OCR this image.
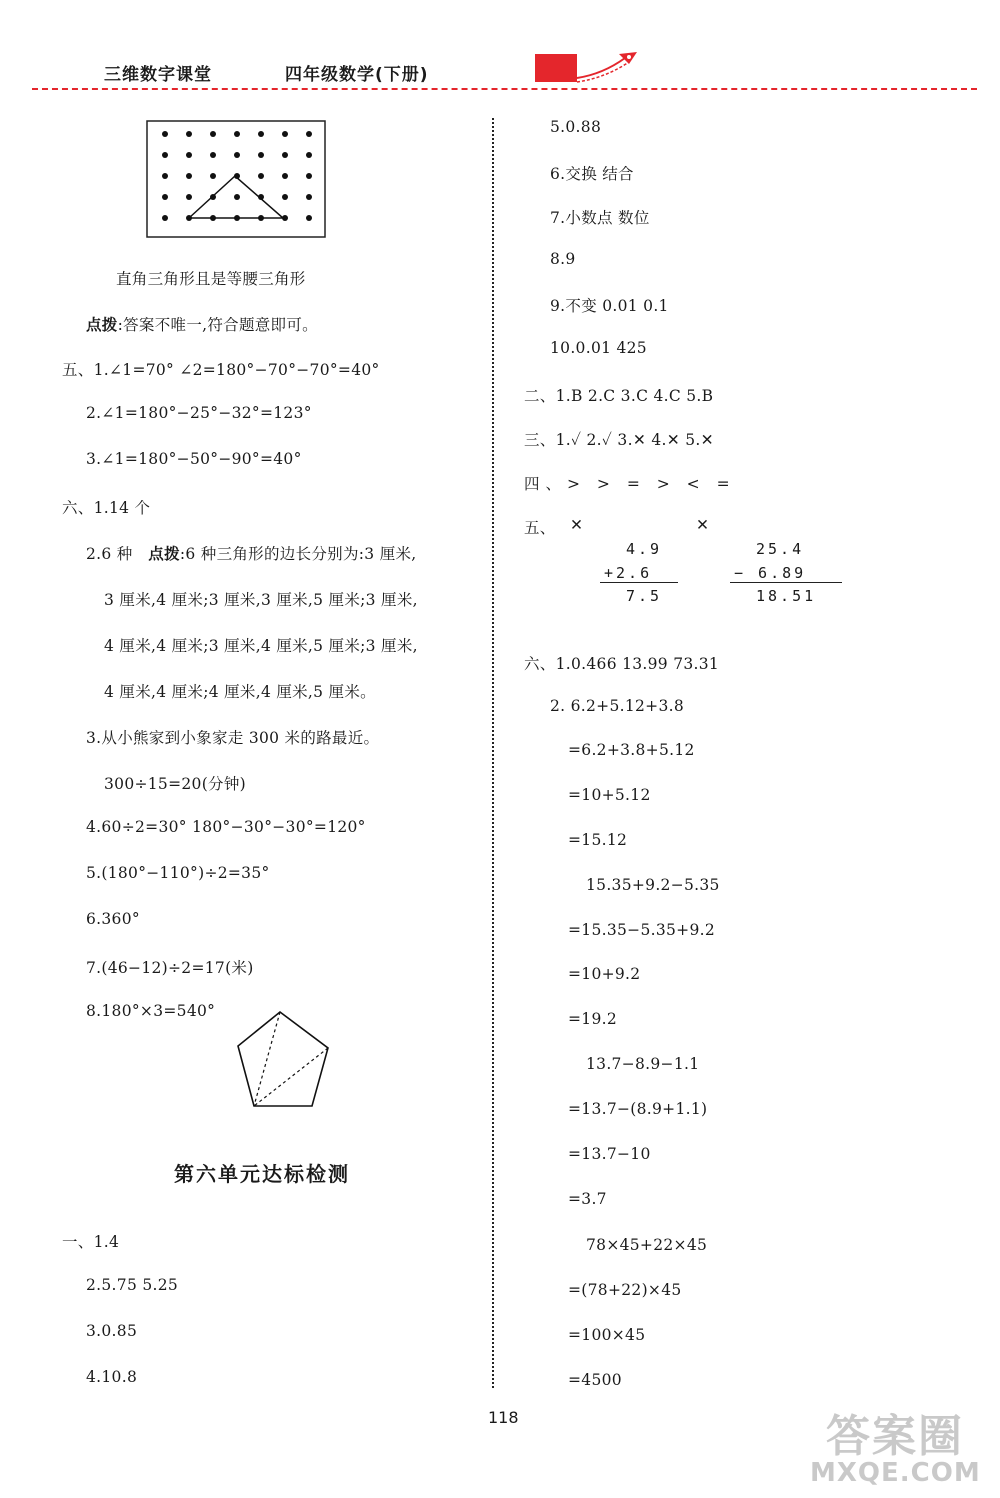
三维数字课堂	四年级数学(下册)
直角三角形且是等腰三角形
点拨:答案不唯一,符合题意即可。
五、1.∠1=70° ∠2=180°−70°−70°=40°
2.∠1=180°−25°−32°=123°
3.∠1=180°−50°−90°=40°
六、1.14 个
2.6 种 点拨:6 种三角形的边长分别为:3 厘米,
3 厘米,4 厘米;3 厘米,3 厘米,5 厘米;3 厘米,
4 厘米,4 厘米;3 厘米,4 厘米,5 厘米;3 厘米,
4 厘米,4 厘米;4 厘米,4 厘米,5 厘米。
3.从小熊家到小象家走 300 米的路最近。
300÷15=20(分钟)
4.60÷2=30° 180°−30°−30°=120°
5.(180°−110°)÷2=35°
6.360°
7.(46−12)÷2=17(米)
8.180°×3=540°
第六单元达标检测
一、1.4
2.5.75 5.25
3.0.85
4.10.8
5.0.88
6.交换 结合
7.小数点 数位
8.9
9.不变 0.01 0.1
10.0.01 425
二、1.B 2.C 3.C 4.C 5.B
三、1.✓ 2.✓ 3.✕ 4.✕ 5.✕
四、> > = > < =
五、 ✕	✕
4.9
+2.6
7.5
25.4
− 6.89
18.51
六、1.0.466 13.99 73.31
2. 6.2+5.12+3.8
=6.2+3.8+5.12
=10+5.12
=15.12
15.35+9.2−5.35
=15.35−5.35+9.2
=10+9.2
=19.2
13.7−8.9−1.1
=13.7−(8.9+1.1)
=13.7−10
=3.7
78×45+22×45
=(78+22)×45
=100×45
=4500
118	答案圈
MXQE.COM
